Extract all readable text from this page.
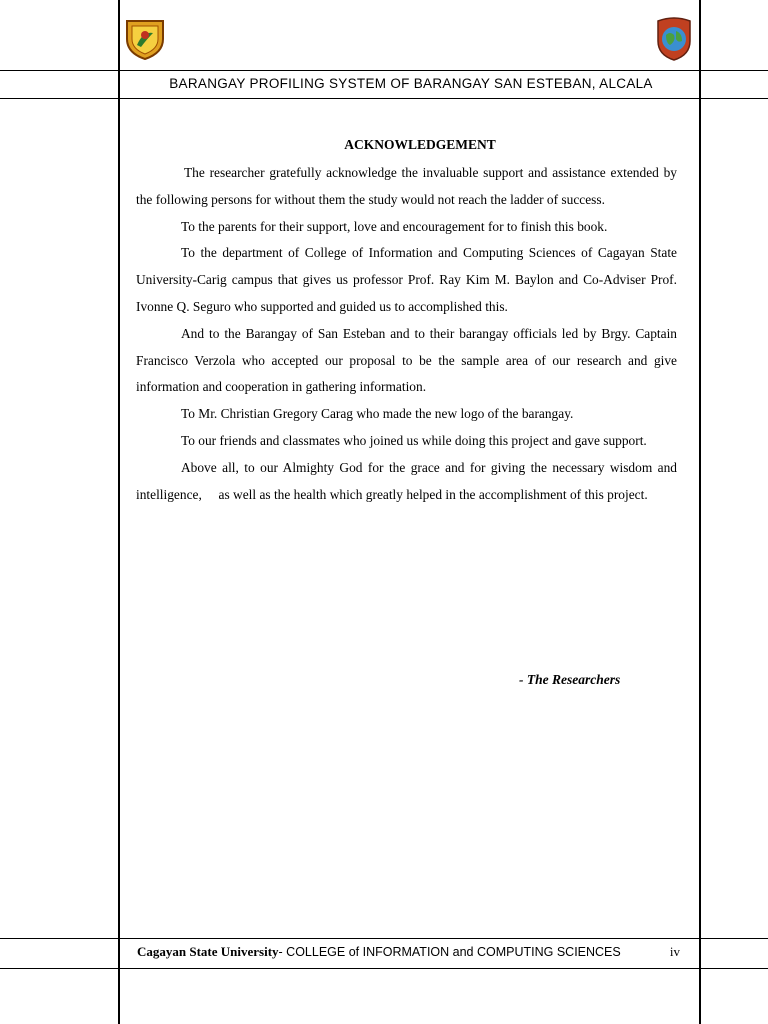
BARANGAY PROFILING SYSTEM OF BARANGAY SAN ESTEBAN, ALCALA
ACKNOWLEDGEMENT

The researcher gratefully acknowledge the invaluable support and assistance extended by the following persons for without them the study would not reach the ladder of success.

To the parents for their support, love and encouragement for to finish this book.

To the department of College of Information and Computing Sciences of Cagayan State University-Carig campus that gives us professor Prof. Ray Kim M. Baylon and Co-Adviser Prof. Ivonne Q. Seguro who supported and guided us to accomplished this.

And to the Barangay of San Esteban and to their barangay officials led by Brgy. Captain Francisco Verzola who accepted our proposal to be the sample area of our research and give information and cooperation in gathering information.

To Mr. Christian Gregory Carag who made the new logo of the barangay.

To our friends and classmates who joined us while doing this project and gave support.

Above all, to our Almighty God for the grace and for giving the necessary wisdom and intelligence,     as well as the health which greatly helped in the accomplishment of this project.

- The Researchers
Cagayan State University- COLLEGE of INFORMATION and COMPUTING SCIENCES	iv
